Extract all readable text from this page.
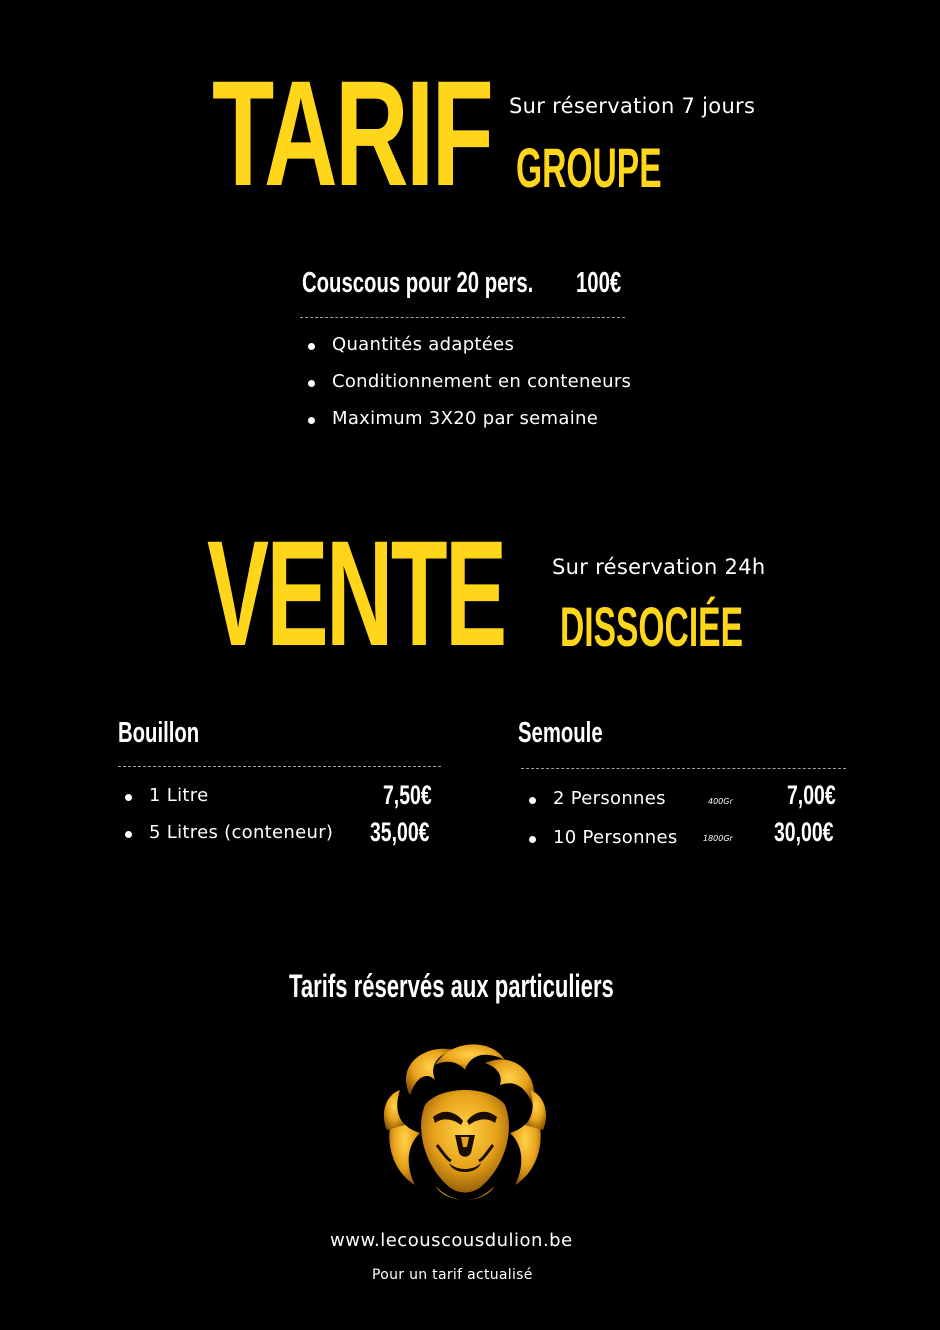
TARIF Sur réservation 7 jours
GROUPE
Couscous pour 20 pers. 100€
Quantités adaptées
Conditionnement en conteneurs
Maximum 3X20 par semaine
VENTE Sur réservation 24h
DISSOCIÉE
Bouillon
1 Litre
5 Litres (conteneur)
7,50€
35,00€
Semoule
2 Personnes
10 Personnes
400Gr
1800Gr
7,00€
30,00€
Tarifs réservés aux particuliers
www.lecouscousdulion.be
Pour un tarif actualisé
